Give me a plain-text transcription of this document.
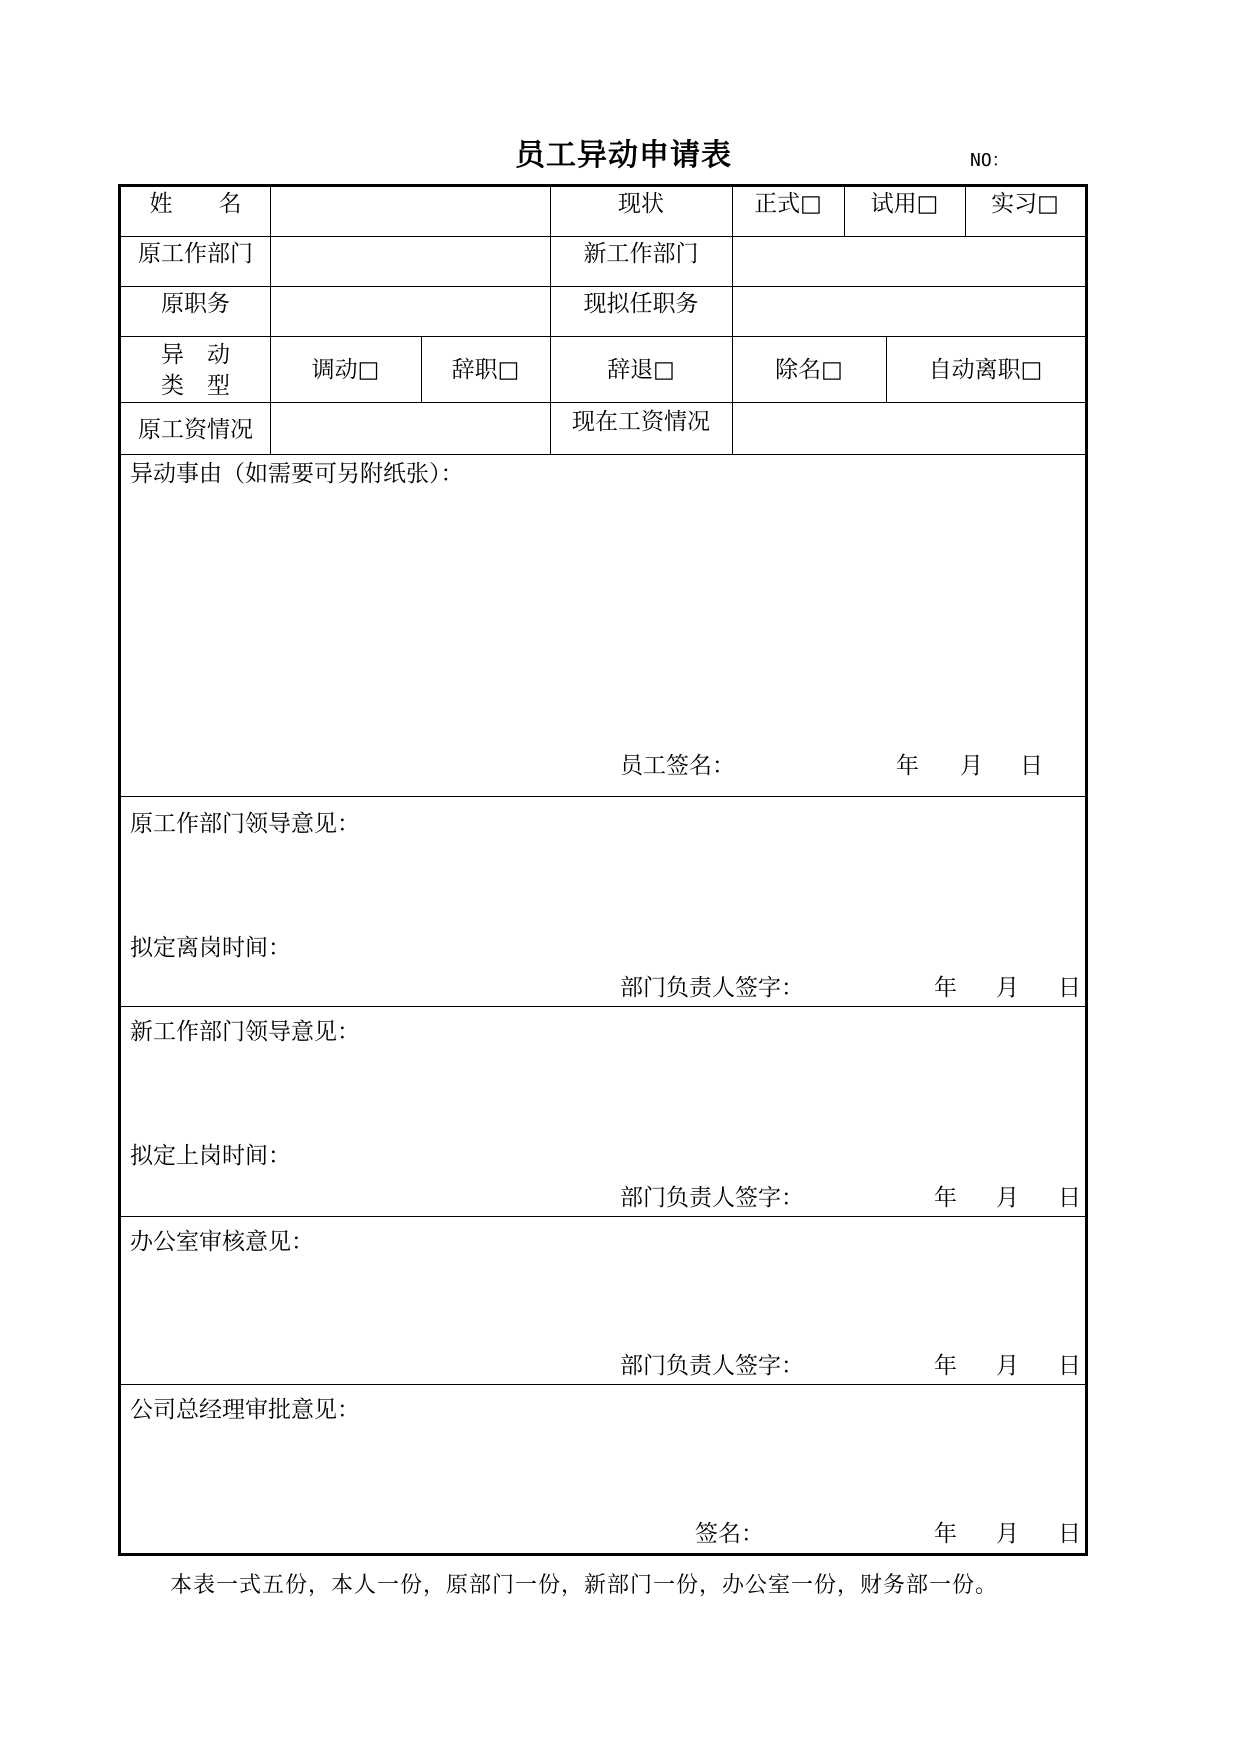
员工异动申请表	NO：
姓　　名	现状	正式□	试用□	实习□
原工作部门	新工作部门
原职务	现拟任职务
异　动
类　型
调动□	辞职□	辞退□	除名□	自动离职□
原工资情况	现在工资情况
异动事由（如需要可另附纸张）：
员工签名：	年 月 日
原工作部门领导意见：
拟定离岗时间：
部门负责人签字：	年 月 日
新工作部门领导意见：
拟定上岗时间：
部门负责人签字：	年 月 日
办公室审核意见：
部门负责人签字：	年 月 日
公司总经理审批意见：
签名：	年 月 日
本表一式五份，本人一份，原部门一份，新部门一份，办公室一份，财务部一份。
